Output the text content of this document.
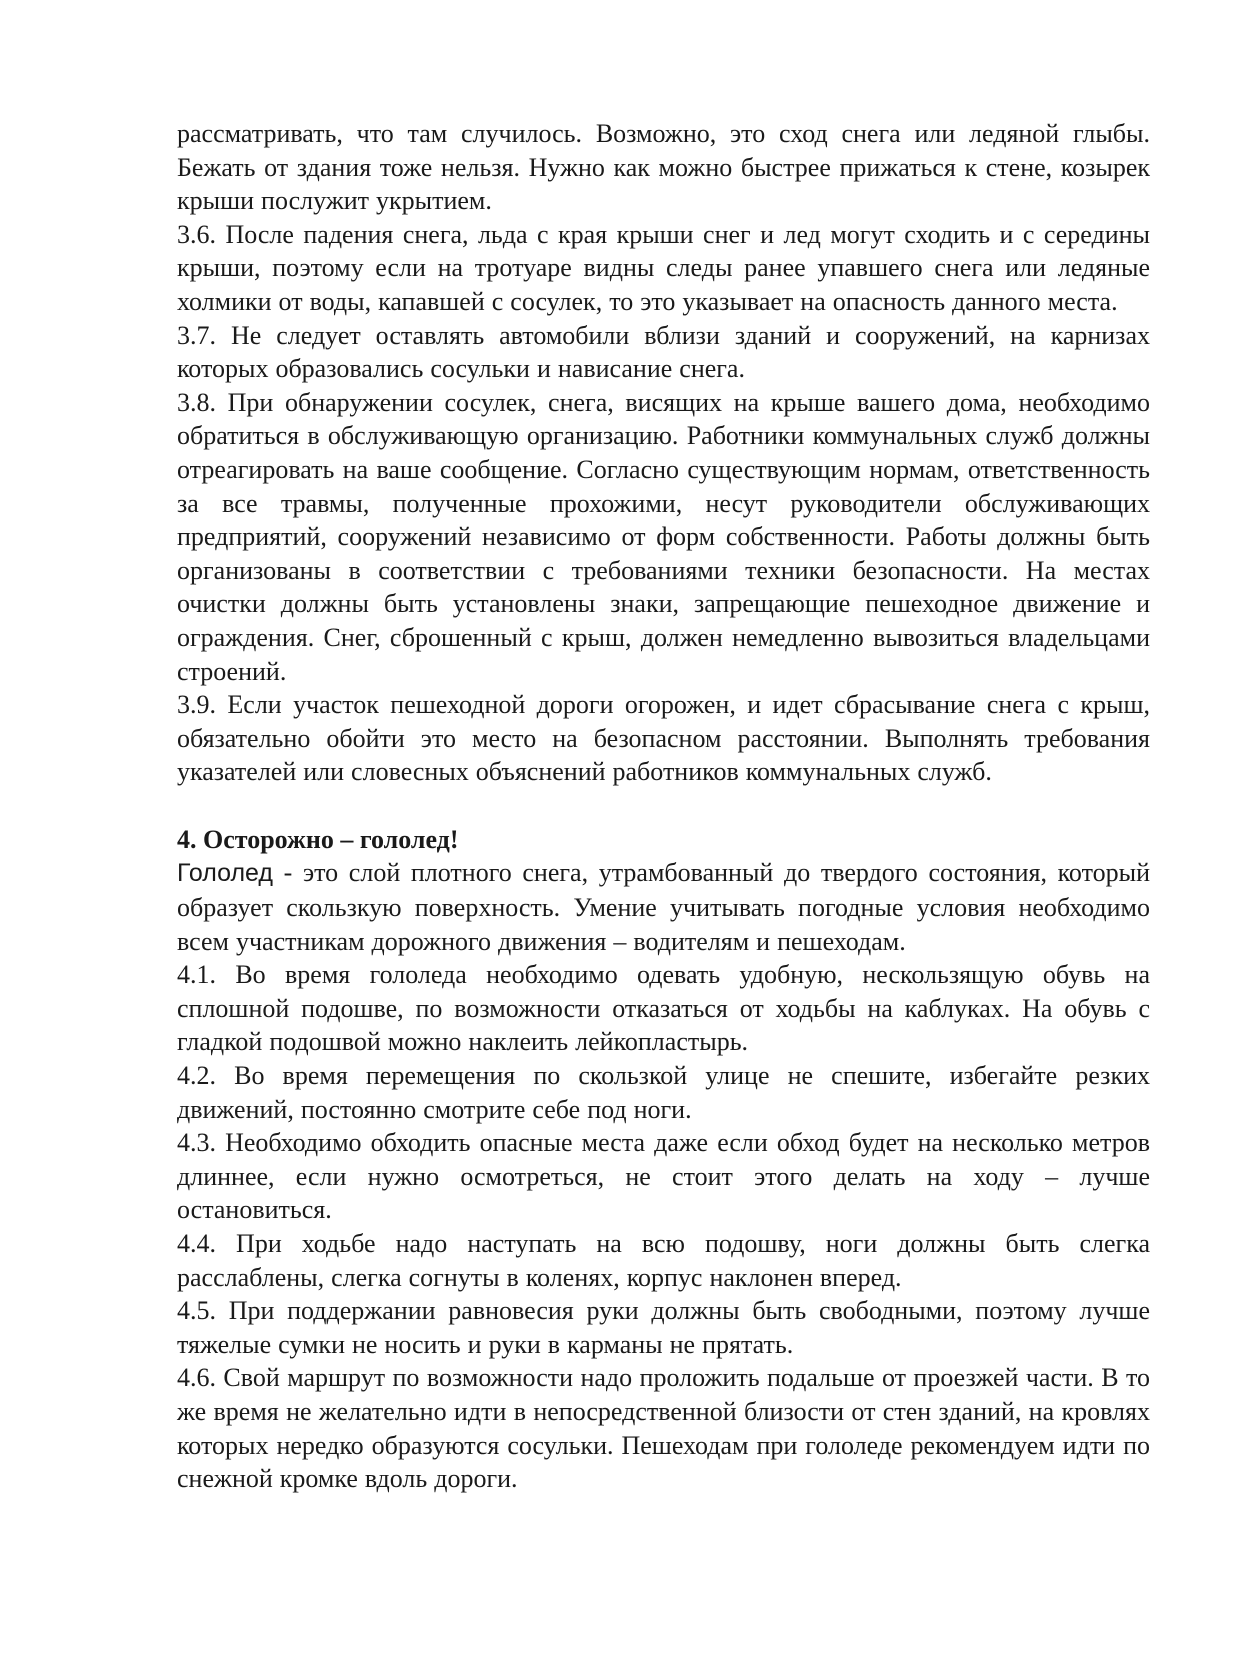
рассматривать, что там случилось. Возможно, это сход снега или ледяной глыбы. Бежать от здания тоже нельзя. Нужно как можно быстрее прижаться к стене, козырек крыши послужит укрытием.

3.6. После падения снега, льда с края крыши снег и лед могут сходить и с середины крыши, поэтому если на тротуаре видны следы ранее упавшего снега или ледяные холмики от воды, капавшей с сосулек, то это указывает на опасность данного места.

3.7. Не следует оставлять автомобили вблизи зданий и сооружений, на карнизах которых образовались сосульки и нависание снега.

3.8. При обнаружении сосулек, снега, висящих на крыше вашего дома, необходимо обратиться в обслуживающую организацию. Работники коммунальных служб должны отреагировать на ваше сообщение. Согласно существующим нормам, ответственность за все травмы, полученные прохожими, несут руководители обслуживающих предприятий, сооружений независимо от форм собственности. Работы должны быть организованы в соответствии с требованиями техники безопасности. На местах очистки должны быть установлены знаки, запрещающие пешеходное движение и ограждения. Снег, сброшенный с крыш, должен немедленно вывозиться владельцами строений.

3.9. Если участок пешеходной дороги огорожен, и идет сбрасывание снега с крыш, обязательно обойти это место на безопасном расстоянии. Выполнять требования указателей или словесных объяснений работников коммунальных служб.

4. Осторожно – гололед!

Гололед - это слой плотного снега, утрамбованный до твердого состояния, который образует скользкую поверхность. Умение учитывать погодные условия необходимо всем участникам дорожного движения – водителям и пешеходам.

4.1. Во время гололеда необходимо одевать удобную, нескользящую обувь на сплошной подошве, по возможности отказаться от ходьбы на каблуках. На обувь с гладкой подошвой можно наклеить лейкопластырь.

4.2. Во время перемещения по скользкой улице не спешите, избегайте резких движений, постоянно смотрите себе под ноги.

4.3. Необходимо обходить опасные места даже если обход будет на несколько метров длиннее, если нужно осмотреться, не стоит этого делать на ходу – лучше остановиться.

4.4. При ходьбе надо наступать на всю подошву, ноги должны быть слегка расслаблены, слегка согнуты в коленях, корпус наклонен вперед.

4.5. При поддержании равновесия руки должны быть свободными, поэтому лучше тяжелые сумки не носить и руки в карманы не прятать.

4.6. Свой маршрут по возможности надо проложить подальше от проезжей части. В то же время не желательно идти в непосредственной близости от стен зданий, на кровлях которых нередко образуются сосульки. Пешеходам при гололеде рекомендуем идти по снежной кромке вдоль дороги.
